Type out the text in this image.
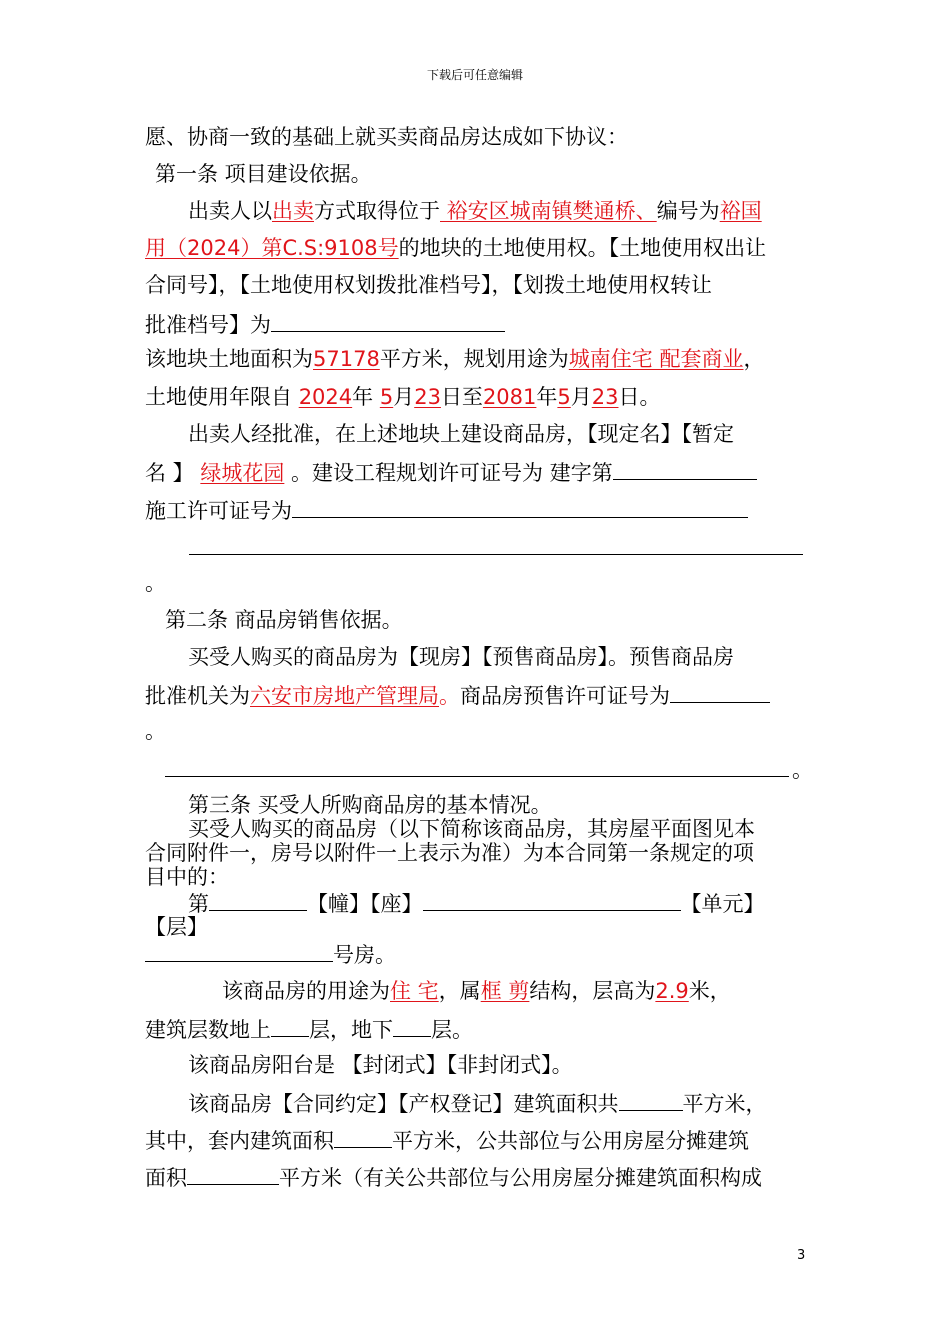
下载后可任意编辑
愿、协商一致的基础上就买卖商品房达成如下协议：
第一条 项目建设依据。
出卖人以出卖方式取得位于 裕安区城南镇樊通桥、编号为裕国
用（2024）第C.S:9108号的地块的土地使用权。【土地使用权出让
合同号】，【土地使用权划拨批准档号】，【划拨土地使用权转让
批准档号】为
该地块土地面积为57178平方米，规划用途为城南住宅 配套商业，
土地使用年限自 2024年 5月23日至2081年5月23日。
出卖人经批准，在上述地块上建设商品房，【现定名】【暂定
名 】 绿城花园 。建设工程规划许可证号为 建字第
施工许可证号为
。
第二条 商品房销售依据。
买受人购买的商品房为【现房】【预售商品房】。预售商品房
批准机关为六安市房地产管理局。商品房预售许可证号为
。
。
第三条 买受人所购商品房的基本情况。
买受人购买的商品房（以下简称该商品房，其房屋平面图见本
合同附件一，房号以附件一上表示为准）为本合同第一条规定的项
目中的：
第	【幢】【座】	【单元】
【层】
号房。
该商品房的用途为住 宅，属框 剪结构，层高为2.9米，
建筑层数地上 层，地下 层。
该商品房阳台是 【封闭式】【非封闭式】。
该商品房【合同约定】【产权登记】建筑面积共	平方米，
其中，套内建筑面积	平方米，公共部位与公用房屋分摊建筑
面积	平方米（有关公共部位与公用房屋分摊建筑面积构成
3
